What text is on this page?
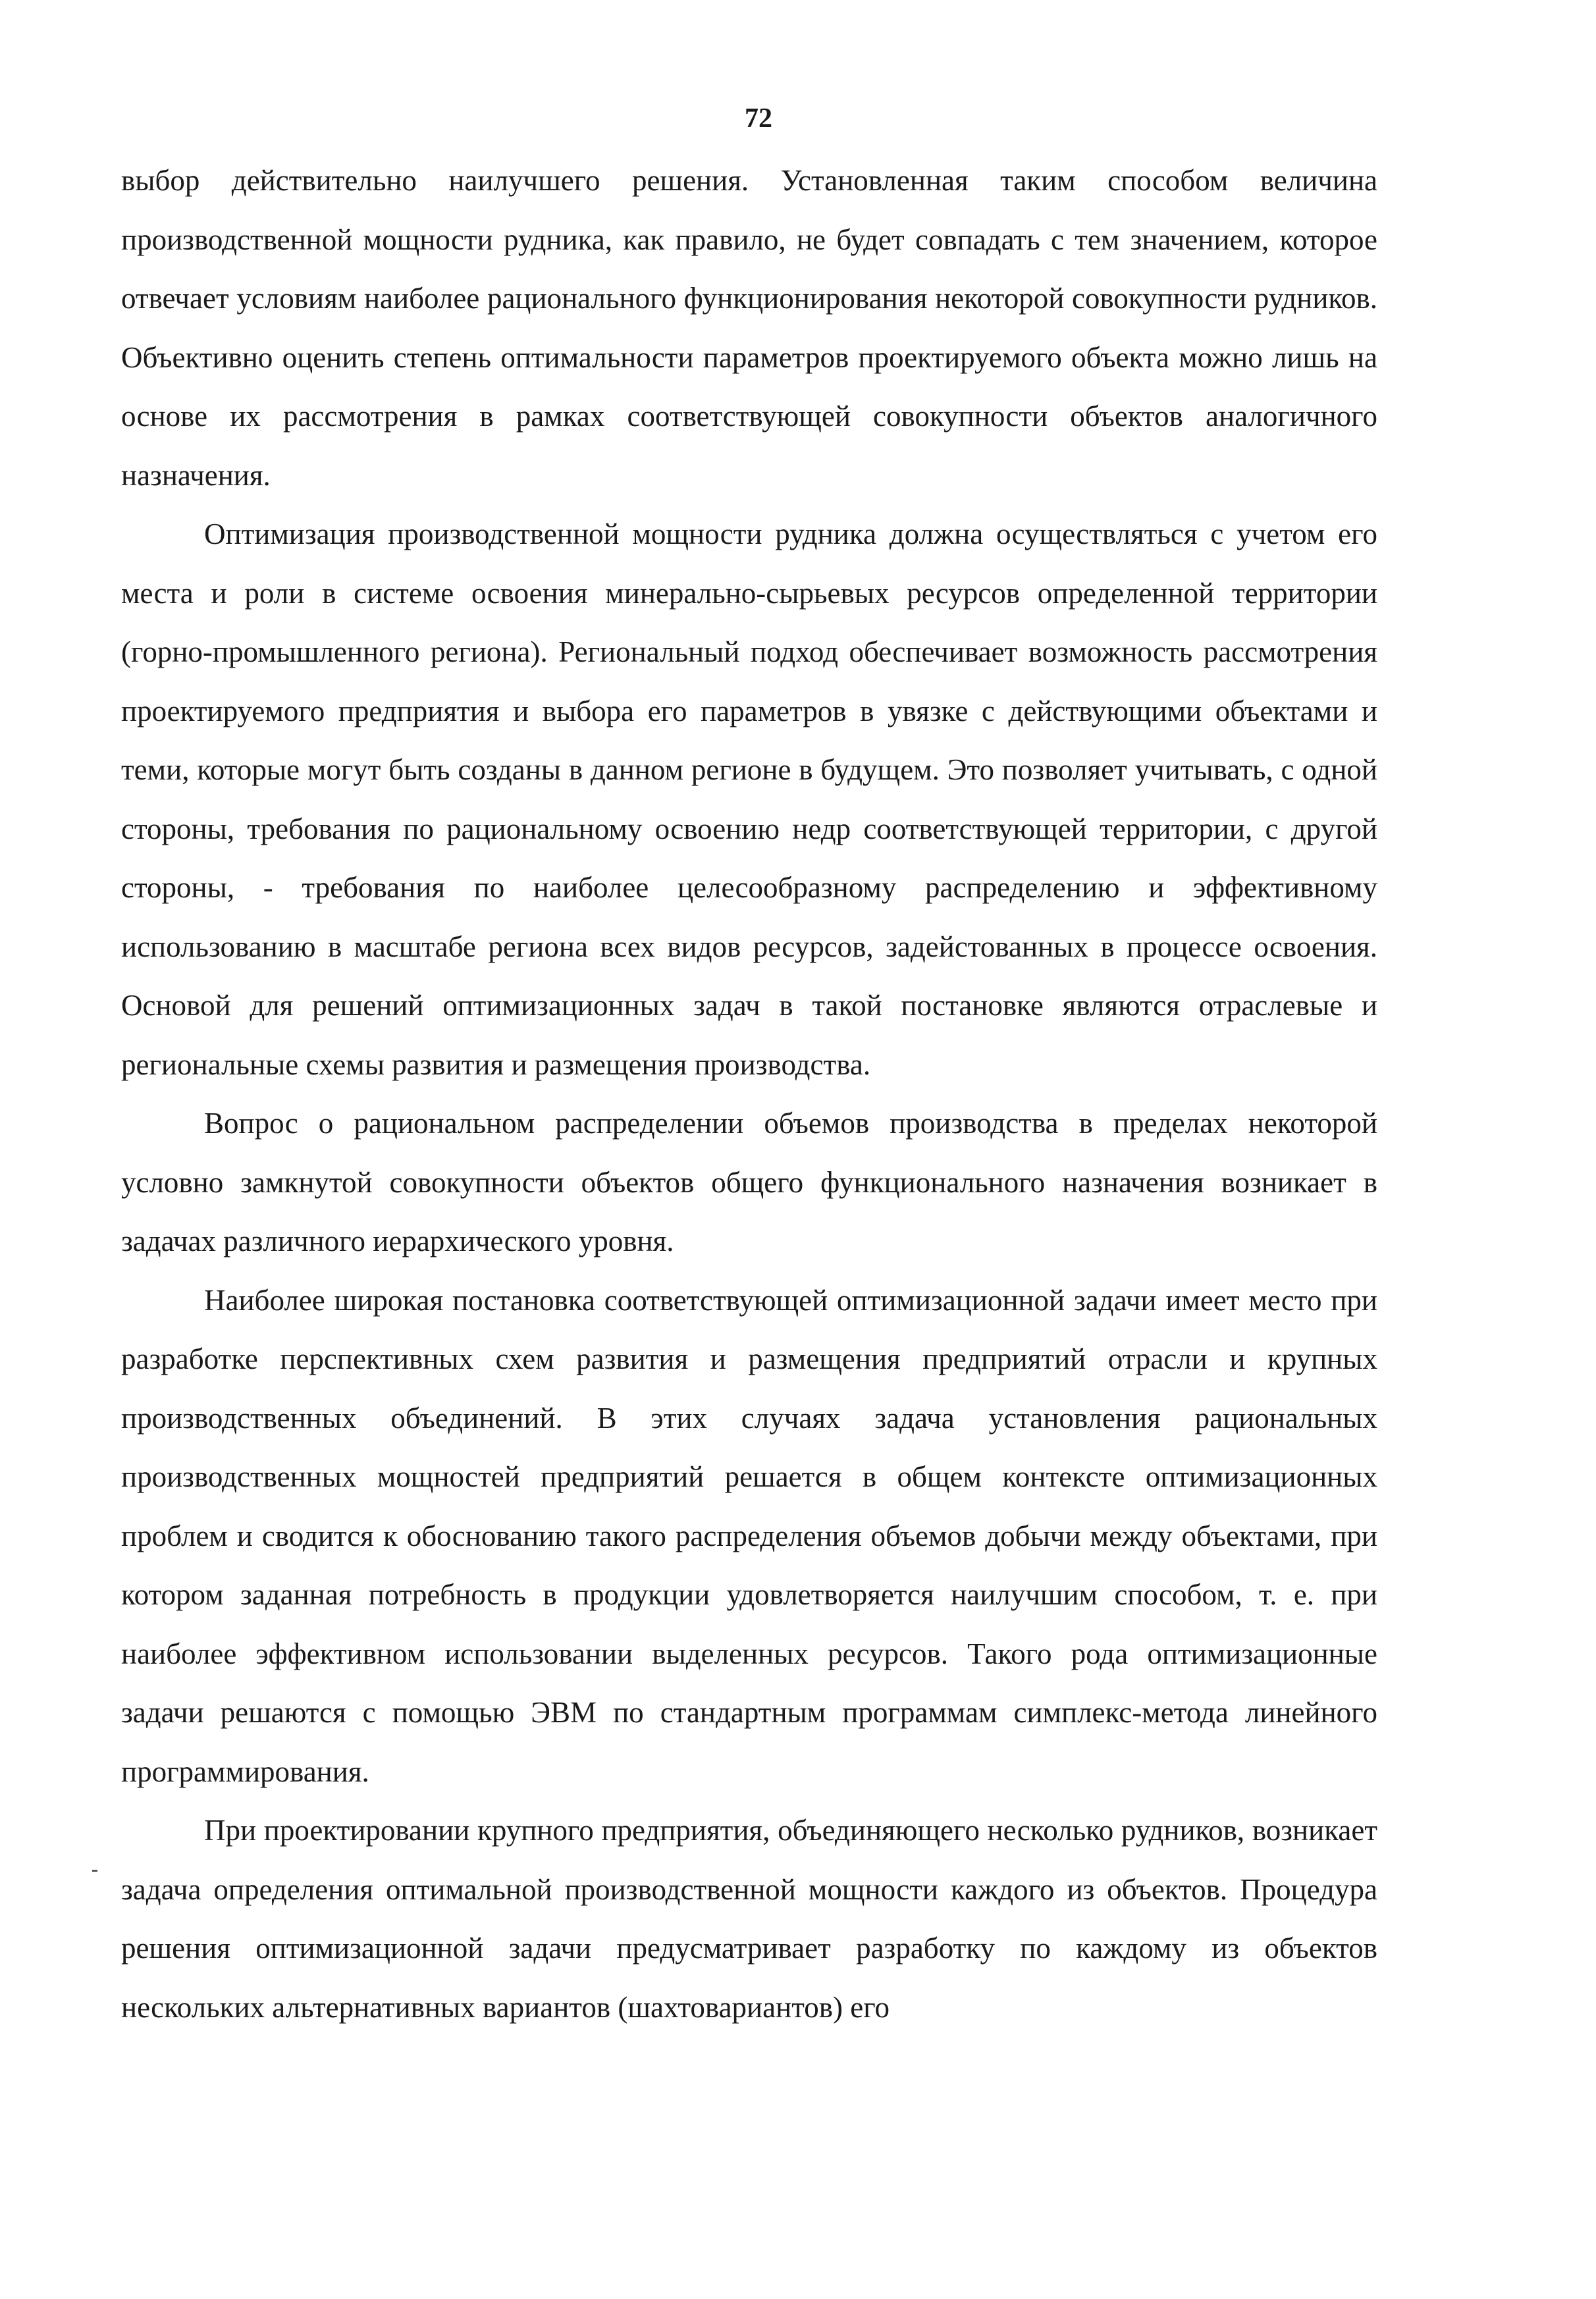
72

выбор действительно наилучшего решения. Установленная таким способом величина производственной мощности рудника, как правило, не будет совпадать с тем значением, которое отвечает условиям наиболее рационального функционирования некоторой совокупности рудников. Объективно оценить степень оптимальности параметров проектируемого объекта можно лишь на основе их рассмотрения в рамках соответствующей совокупности объектов аналогичного назначения.

Оптимизация производственной мощности рудника должна осуществляться с учетом его места и роли в системе освоения минерально-сырьевых ресурсов определенной территории (горно-промышленного региона). Региональный подход обеспечивает возможность рассмотрения проектируемого предприятия и выбора его параметров в увязке с действующими объектами и теми, которые могут быть созданы в данном регионе в будущем. Это позволяет учитывать, с одной стороны, требования по рациональному освоению недр соответствующей территории, с другой стороны, - требования по наиболее целесообразному распределению и эффективному использованию в масштабе региона всех видов ресурсов, задейстованных в процессе освоения. Основой для решений оптимизационных задач в такой постановке являются отраслевые и региональные схемы развития и размещения производства.

Вопрос о рациональном распределении объемов производства в пределах некоторой условно замкнутой совокупности объектов общего функционального назначения возникает в задачах различного иерархического уровня.

Наиболее широкая постановка соответствующей оптимизационной задачи имеет место при разработке перспективных схем развития и размещения предприятий отрасли и крупных производственных объединений. В этих случаях задача установления рациональных производственных мощностей предприятий решается в общем контексте оптимизационных проблем и сводится к обоснованию такого распределения объемов добычи между объектами, при котором заданная потребность в продукции удовлетворяется наилучшим способом, т. е. при наиболее эффективном использовании выделенных ресурсов. Такого рода оптимизационные задачи решаются с помощью ЭВМ по стандартным программам симплекс-метода линейного программирования.

При проектировании крупного предприятия, объединяющего несколько рудников, возникает задача определения оптимальной производственной мощности каждого из объектов. Процедура решения оптимизационной задачи предусматривает разработку по каждому из объектов нескольких альтернативных вариантов (шахтовариантов) его
